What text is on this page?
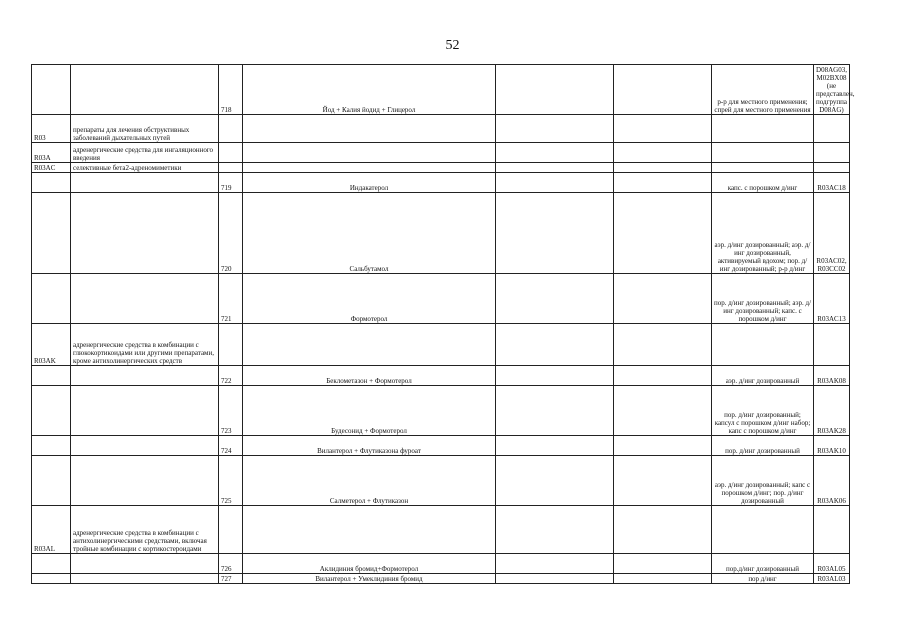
52
		718	Йод + Калия йодид + Глицерол			р-р для местного применения; спрей для местного применения	D08AG03, M02BX08 (не представлен, подгруппа D08AG)
R03	препараты для лечения обструктивных заболеваний дыхательных путей						
R03A	адренергические средства для ингаляционного введения						
R03AC	селективные бета2-адреномиметики						
		719	Индакатерол			капс. с порошком д/инг	R03AC18
		720	Сальбутамол			аэр. д/инг дозированный; аэр. д/инг дозированный, активируемый вдохом; пор. д/инг дозированный; р-р д/инг	R03AC02, R03CC02
		721	Формотерол			пор. д/инг дозированный; аэр. д/инг дозированный; капс. с порошком д/инг	R03AC13
R03AK	адренергические средства в комбинации с глюкокортикоидами или другими препаратами, кроме антихолинергических средств						
		722	Беклометазон + Формотерол			аэр. д/инг дозированный	R03AK08
		723	Будесонид + Формотерол			пор. д/инг дозированный; капсул с порошком д/инг набор; капс с порошком д/инг	R03AK28
		724	Вилантерол + Флутиказона фуроат			пор. д/инг дозированный	R03AK10
		725	Салметерол + Флутиказон			аэр. д/инг дозированный; капс с порошком д/инг; пор. д/инг дозированный	R03AK06
R03AL	адренергические средства в комбинации с антихолинергическими средствами, включая тройные комбинации с кортикостероидами						
		726	Аклидиния бромид+Формотерол			пор.д/инг дозированный	R03AL05
		727	Вилантерол + Умеклидиния бромид			пор д/инг	R03AL03
